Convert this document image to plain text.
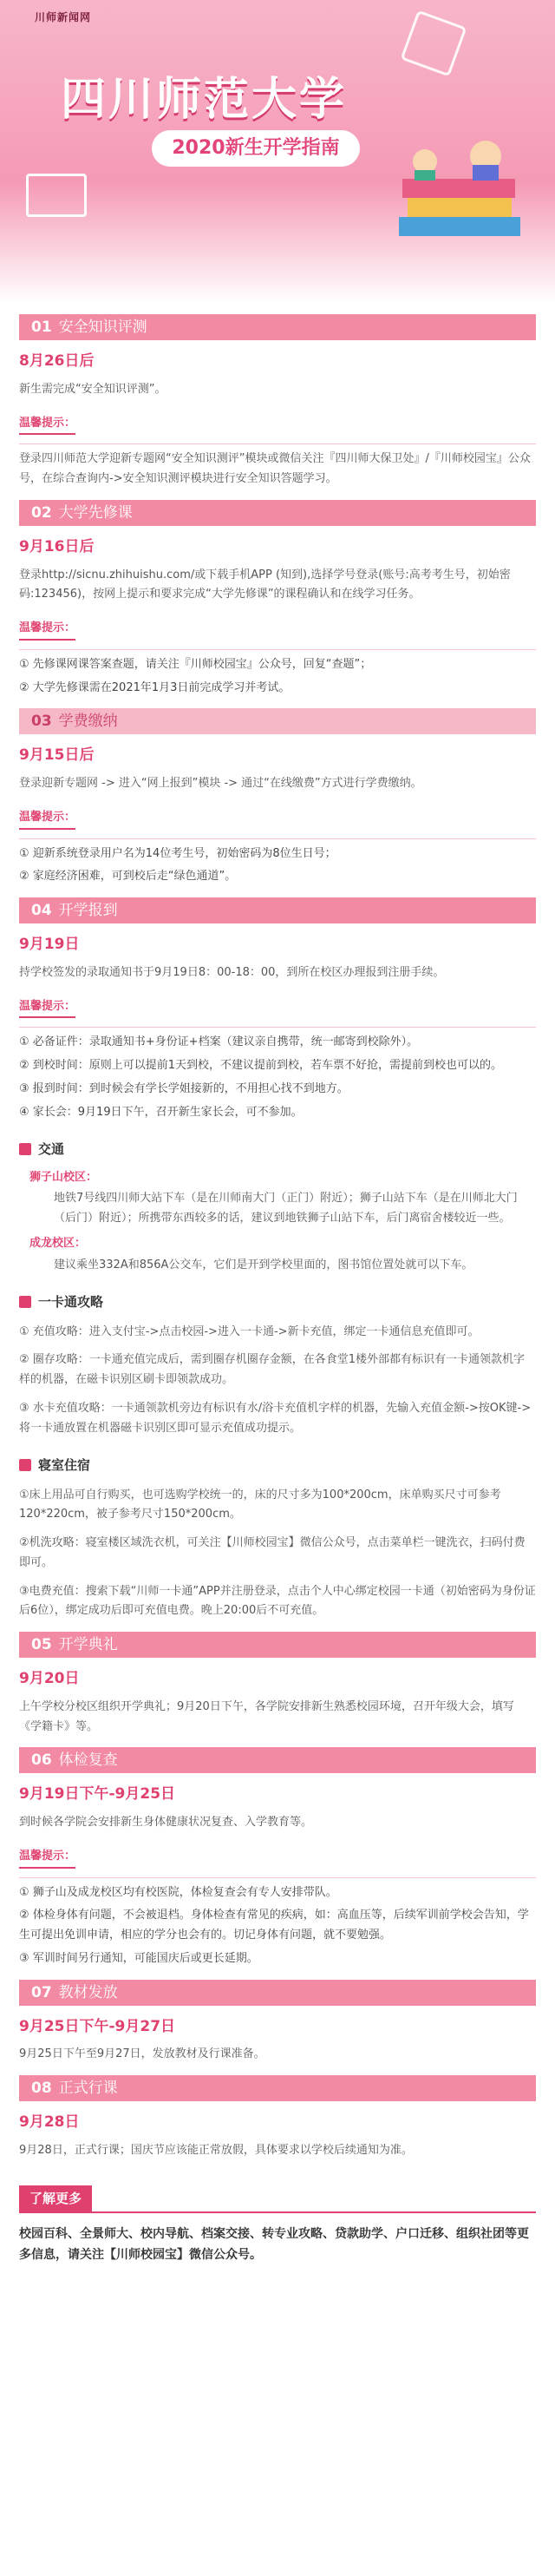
川师新闻网
四川师范大学
2020新生开学指南
01 安全知识评测
8月26日后

新生需完成“安全知识评测”。

温馨提示：

登录四川师范大学迎新专题网“安全知识测评”模块或微信关注『四川师大保卫处』/『川师校园宝』公众号，在综合查询内->安全知识测评模块进行安全知识答题学习。

02 大学先修课
9月16日后

登录http://sicnu.zhihuishu.com/或下载手机APP (知到),选择学号登录(账号:高考考生号，初始密码:123456)，按网上提示和要求完成“大学先修课”的课程确认和在线学习任务。

温馨提示：
① 先修课网课答案查题，请关注『川师校园宝』公众号，回复“查题”；
② 大学先修课需在2021年1月3日前完成学习并考试。
03 学费缴纳
9月15日后

登录迎新专题网 -> 进入“网上报到”模块 -> 通过“在线缴费”方式进行学费缴纳。

温馨提示：
① 迎新系统登录用户名为14位考生号，初始密码为8位生日号；
② 家庭经济困难，可到校后走“绿色通道”。
04 开学报到
9月19日

持学校签发的录取通知书于9月19日8：00-18：00，到所在校区办理报到注册手续。

温馨提示：
① 必备证件：录取通知书+身份证+档案（建议亲自携带，统一邮寄到校除外）。
② 到校时间：原则上可以提前1天到校，不建议提前到校，若车票不好抢，需提前到校也可以的。
③ 报到时间：到时候会有学长学姐接新的，不用担心找不到地方。
④ 家长会：9月19日下午，召开新生家长会，可不参加。
交通
狮子山校区：

地铁7号线四川师大站下车（是在川师南大门（正门）附近）；狮子山站下车（是在川师北大门（后门）附近）；所携带东西较多的话，建议到地铁狮子山站下车，后门离宿舍楼较近一些。

成龙校区：

建议乘坐332A和856A公交车，它们是开到学校里面的，图书馆位置处就可以下车。

一卡通攻略

① 充值攻略：进入支付宝->点击校园->进入一卡通->新卡充值，绑定一卡通信息充值即可。

② 圈存攻略：一卡通充值完成后，需到圈存机圈存金额，在各食堂1楼外部都有标识有一卡通领款机字样的机器，在磁卡识别区刷卡即领款成功。

③ 水卡充值攻略：一卡通领款机旁边有标识有水/浴卡充值机字样的机器，先输入充值金额->按OK键->将一卡通放置在机器磁卡识别区即可显示充值成功提示。

寝室住宿

①床上用品可自行购买，也可选购学校统一的，床的尺寸多为100*200cm，床单购买尺寸可参考120*220cm，被子参考尺寸150*200cm。

②机洗攻略：寝室楼区域洗衣机，可关注【川师校园宝】微信公众号，点击菜单栏一键洗衣，扫码付费即可。

③电费充值：搜索下载“川师一卡通”APP并注册登录，点击个人中心绑定校园一卡通（初始密码为身份证后6位），绑定成功后即可充值电费。晚上20:00后不可充值。

05 开学典礼
9月20日

上午学校分校区组织开学典礼；9月20日下午，各学院安排新生熟悉校园环境，召开年级大会，填写《学籍卡》等。

06 体检复查
9月19日下午-9月25日

到时候各学院会安排新生身体健康状况复查、入学教育等。

温馨提示：
① 狮子山及成龙校区均有校医院，体检复查会有专人安排带队。
② 体检身体有问题，不会被退档。身体检查有常见的疾病，如：高血压等，后续军训前学校会告知，学生可提出免训申请，相应的学分也会有的。切记身体有问题，就不要勉强。
③ 军训时间另行通知，可能国庆后或更长延期。
07 教材发放
9月25日下午-9月27日

9月25日下午至9月27日，发放教材及行课准备。

08 正式行课
9月28日

9月28日，正式行课；国庆节应该能正常放假，具体要求以学校后续通知为准。

了解更多
校园百科、全景师大、校内导航、档案交接、转专业攻略、贷款助学、户口迁移、组织社团等更多信息，请关注【川师校园宝】微信公众号。
